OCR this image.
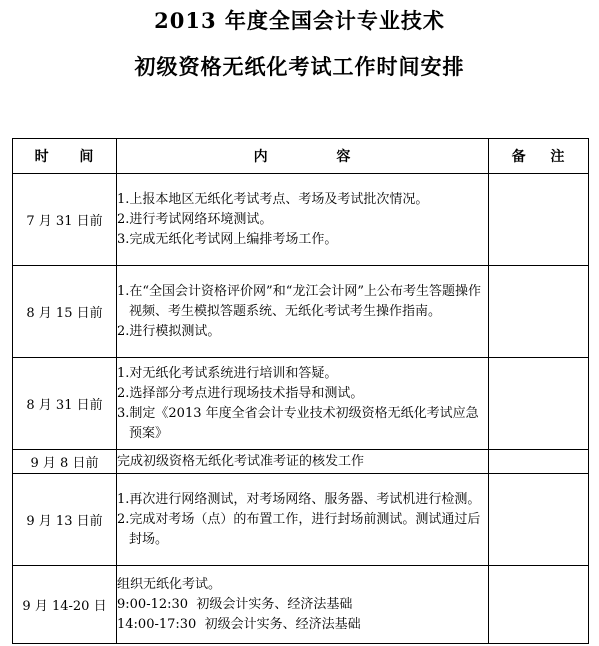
2013 年度全国会计专业技术
初级资格无纸化考试工作时间安排
时 间	内 容	备 注
7 月 31 日前	1.上报本地区无纸化考试考点、考场及考试批次情况。
2.进行考试网络环境测试。
3.完成无纸化考试网上编排考场工作。	

8 月 15 日前	1.在“全国会计资格评价网”和“龙江会计网”上公布考生答题操作视频、考生模拟答题系统、无纸化考试考生操作指南。
2.进行模拟测试。	

8 月 31 日前	1.对无纸化考试系统进行培训和答疑。
2.选择部分考点进行现场技术指导和测试。
3.制定《2013 年度全省会计专业技术初级资格无纸化考试应急预案》	

9 月 8 日前	完成初级资格无纸化考试准考证的核发工作	

9 月 13 日前	1.再次进行网络测试，对考场网络、服务器、考试机进行检测。
2.完成对考场（点）的布置工作，进行封场前测试。测试通过后封场。	

9 月 14-20 日	组织无纸化考试。
9:00-12:30  初级会计实务、经济法基础
14:00-17:30  初级会计实务、经济法基础	
